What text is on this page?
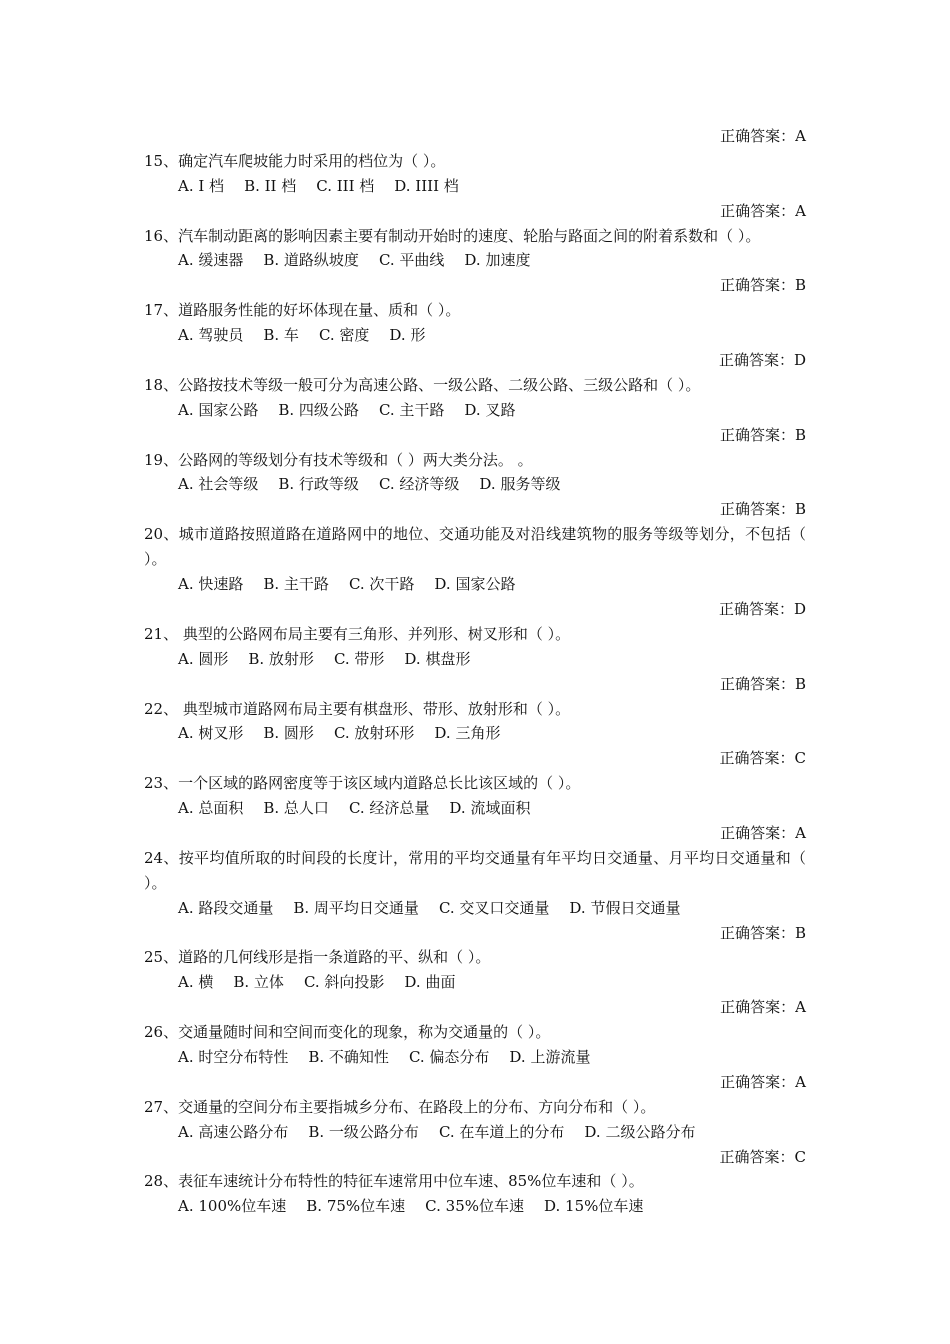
正确答案：A
15、确定汽车爬坡能力时采用的档位为（ ）。
A. I 档 B. II 档 C. III 档 D. IIII 档
正确答案：A
16、汽车制动距离的影响因素主要有制动开始时的速度、轮胎与路面之间的附着系数和（ ）。
A. 缓速器 B. 道路纵坡度 C. 平曲线 D. 加速度
正确答案：B
17、道路服务性能的好坏体现在量、质和（ ）。
A. 驾驶员 B. 车 C. 密度 D. 形
正确答案：D
18、公路按技术等级一般可分为高速公路、一级公路、二级公路、三级公路和（ ）。
A. 国家公路 B. 四级公路 C. 主干路 D. 叉路
正确答案：B
19、公路网的等级划分有技术等级和（ ）两大类分法。 。
A. 社会等级 B. 行政等级 C. 经济等级 D. 服务等级
正确答案：B
20、城市道路按照道路在道路网中的地位、交通功能及对沿线建筑物的服务等级等划分，不包括（ ）。
A. 快速路 B. 主干路 C. 次干路 D. 国家公路
正确答案：D
21、 典型的公路网布局主要有三角形、并列形、树叉形和（ ）。
A. 圆形 B. 放射形 C. 带形 D. 棋盘形
正确答案：B
22、 典型城市道路网布局主要有棋盘形、带形、放射形和（ ）。
A. 树叉形 B. 圆形 C. 放射环形 D. 三角形
正确答案：C
23、一个区域的路网密度等于该区域内道路总长比该区域的（ ）。
A. 总面积 B. 总人口 C. 经济总量 D. 流域面积
正确答案：A
24、按平均值所取的时间段的长度计，常用的平均交通量有年平均日交通量、月平均日交通量和（ ）。
A. 路段交通量 B. 周平均日交通量 C. 交叉口交通量 D. 节假日交通量
正确答案：B
25、道路的几何线形是指一条道路的平、纵和（ ）。
A. 横 B. 立体 C. 斜向投影 D. 曲面
正确答案：A
26、交通量随时间和空间而变化的现象，称为交通量的（ ）。
A. 时空分布特性 B. 不确知性 C. 偏态分布 D. 上游流量
正确答案：A
27、交通量的空间分布主要指城乡分布、在路段上的分布、方向分布和（ ）。
A. 高速公路分布 B. 一级公路分布 C. 在车道上的分布 D. 二级公路分布
正确答案：C
28、表征车速统计分布特性的特征车速常用中位车速、85%位车速和（ ）。
A. 100%位车速 B. 75%位车速 C. 35%位车速 D. 15%位车速
